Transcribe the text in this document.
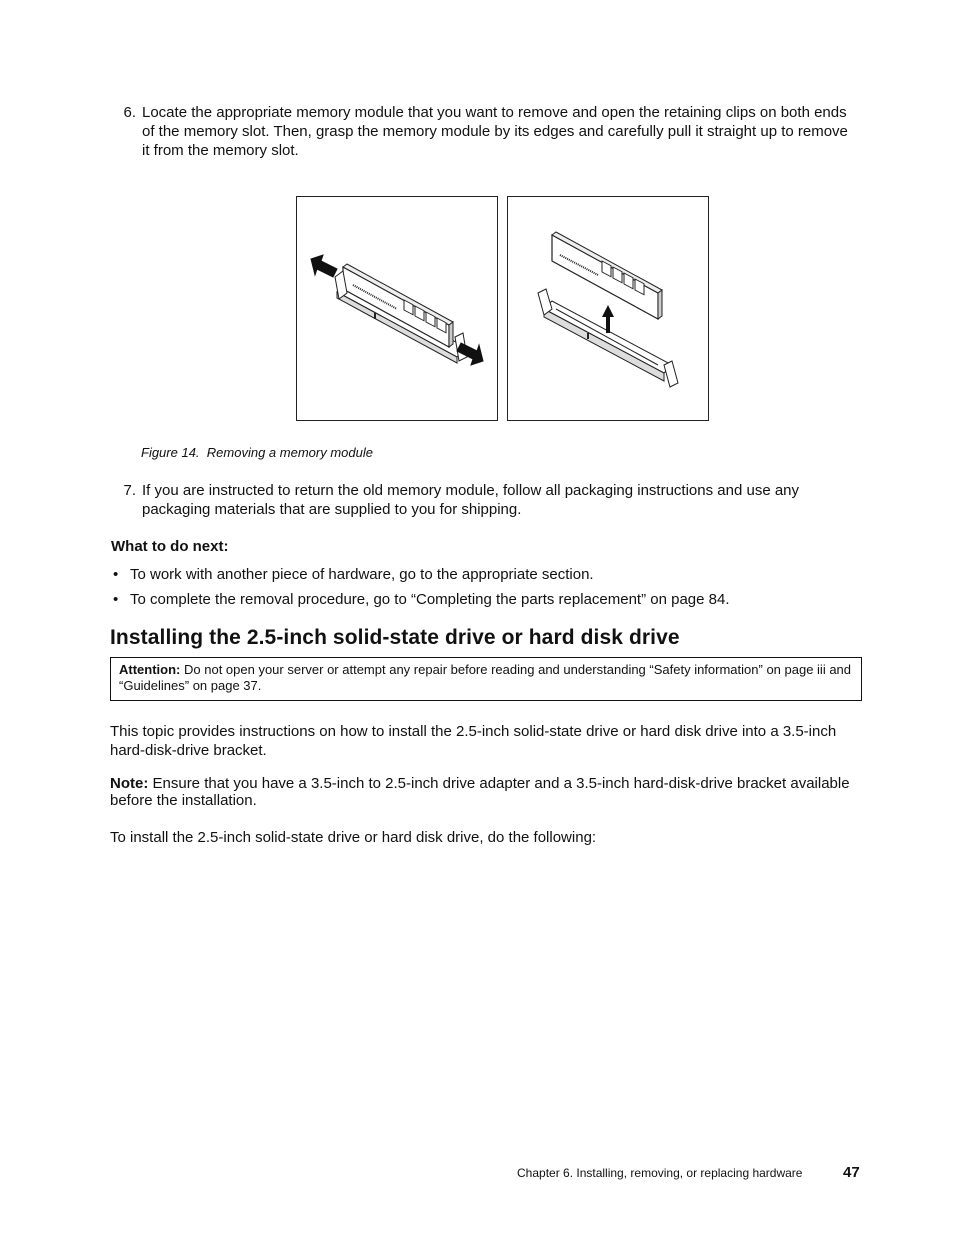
6. Locate the appropriate memory module that you want to remove and open the retaining clips on both ends of the memory slot. Then, grasp the memory module by its edges and carefully pull it straight up to remove it from the memory slot.
Figure 14. Removing a memory module
7. If you are instructed to return the old memory module, follow all packaging instructions and use any packaging materials that are supplied to you for shipping.
What to do next:
• To work with another piece of hardware, go to the appropriate section.
• To complete the removal procedure, go to “Completing the parts replacement” on page 84.
Installing the 2.5-inch solid-state drive or hard disk drive
Attention: Do not open your server or attempt any repair before reading and understanding “Safety information” on page iii and “Guidelines” on page 37.
This topic provides instructions on how to install the 2.5-inch solid-state drive or hard disk drive into a 3.5-inch hard-disk-drive bracket.
Note: Ensure that you have a 3.5-inch to 2.5-inch drive adapter and a 3.5-inch hard-disk-drive bracket available before the installation.
To install the 2.5-inch solid-state drive or hard disk drive, do the following:
Chapter 6. Installing, removing, or replacing hardware	47
